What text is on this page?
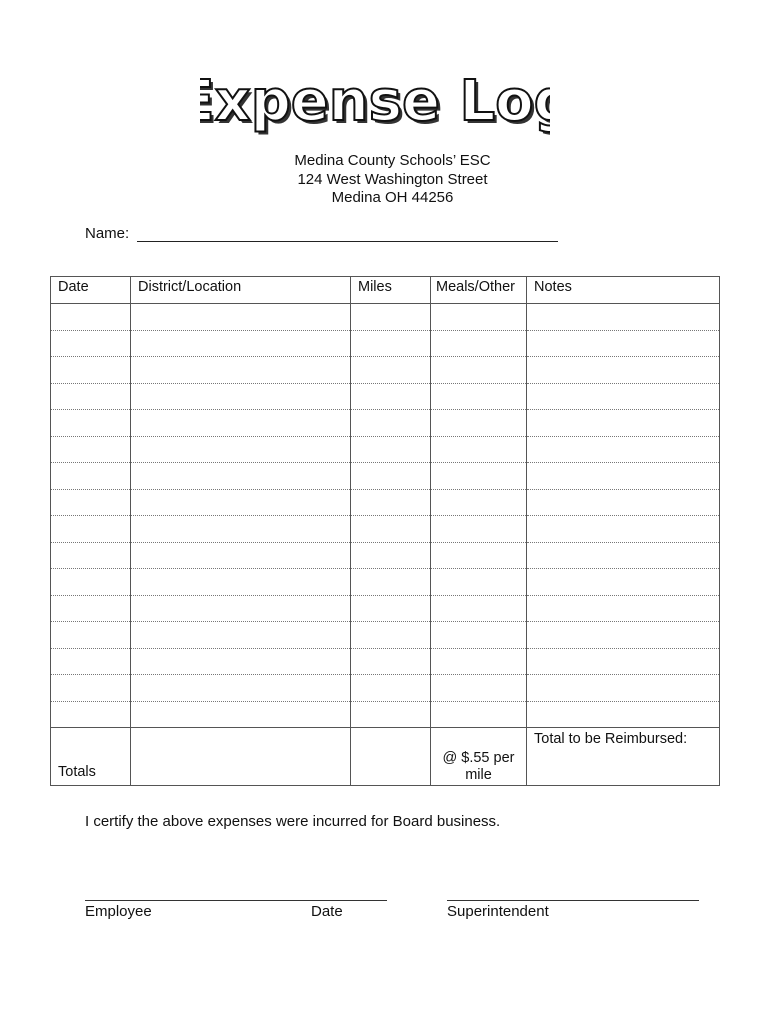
Expense Lo
Expense Lo
Medina County Schools’ ESC
124 West Washington Street
Medina OH 44256
Name:
Date	District/Location	Miles	Meals/Other	Notes

Totals			@ $.55 per
mile	Total to be Reimbursed:
I certify the above expenses were incurred for Board business.
Employee	Date	Superintendent
